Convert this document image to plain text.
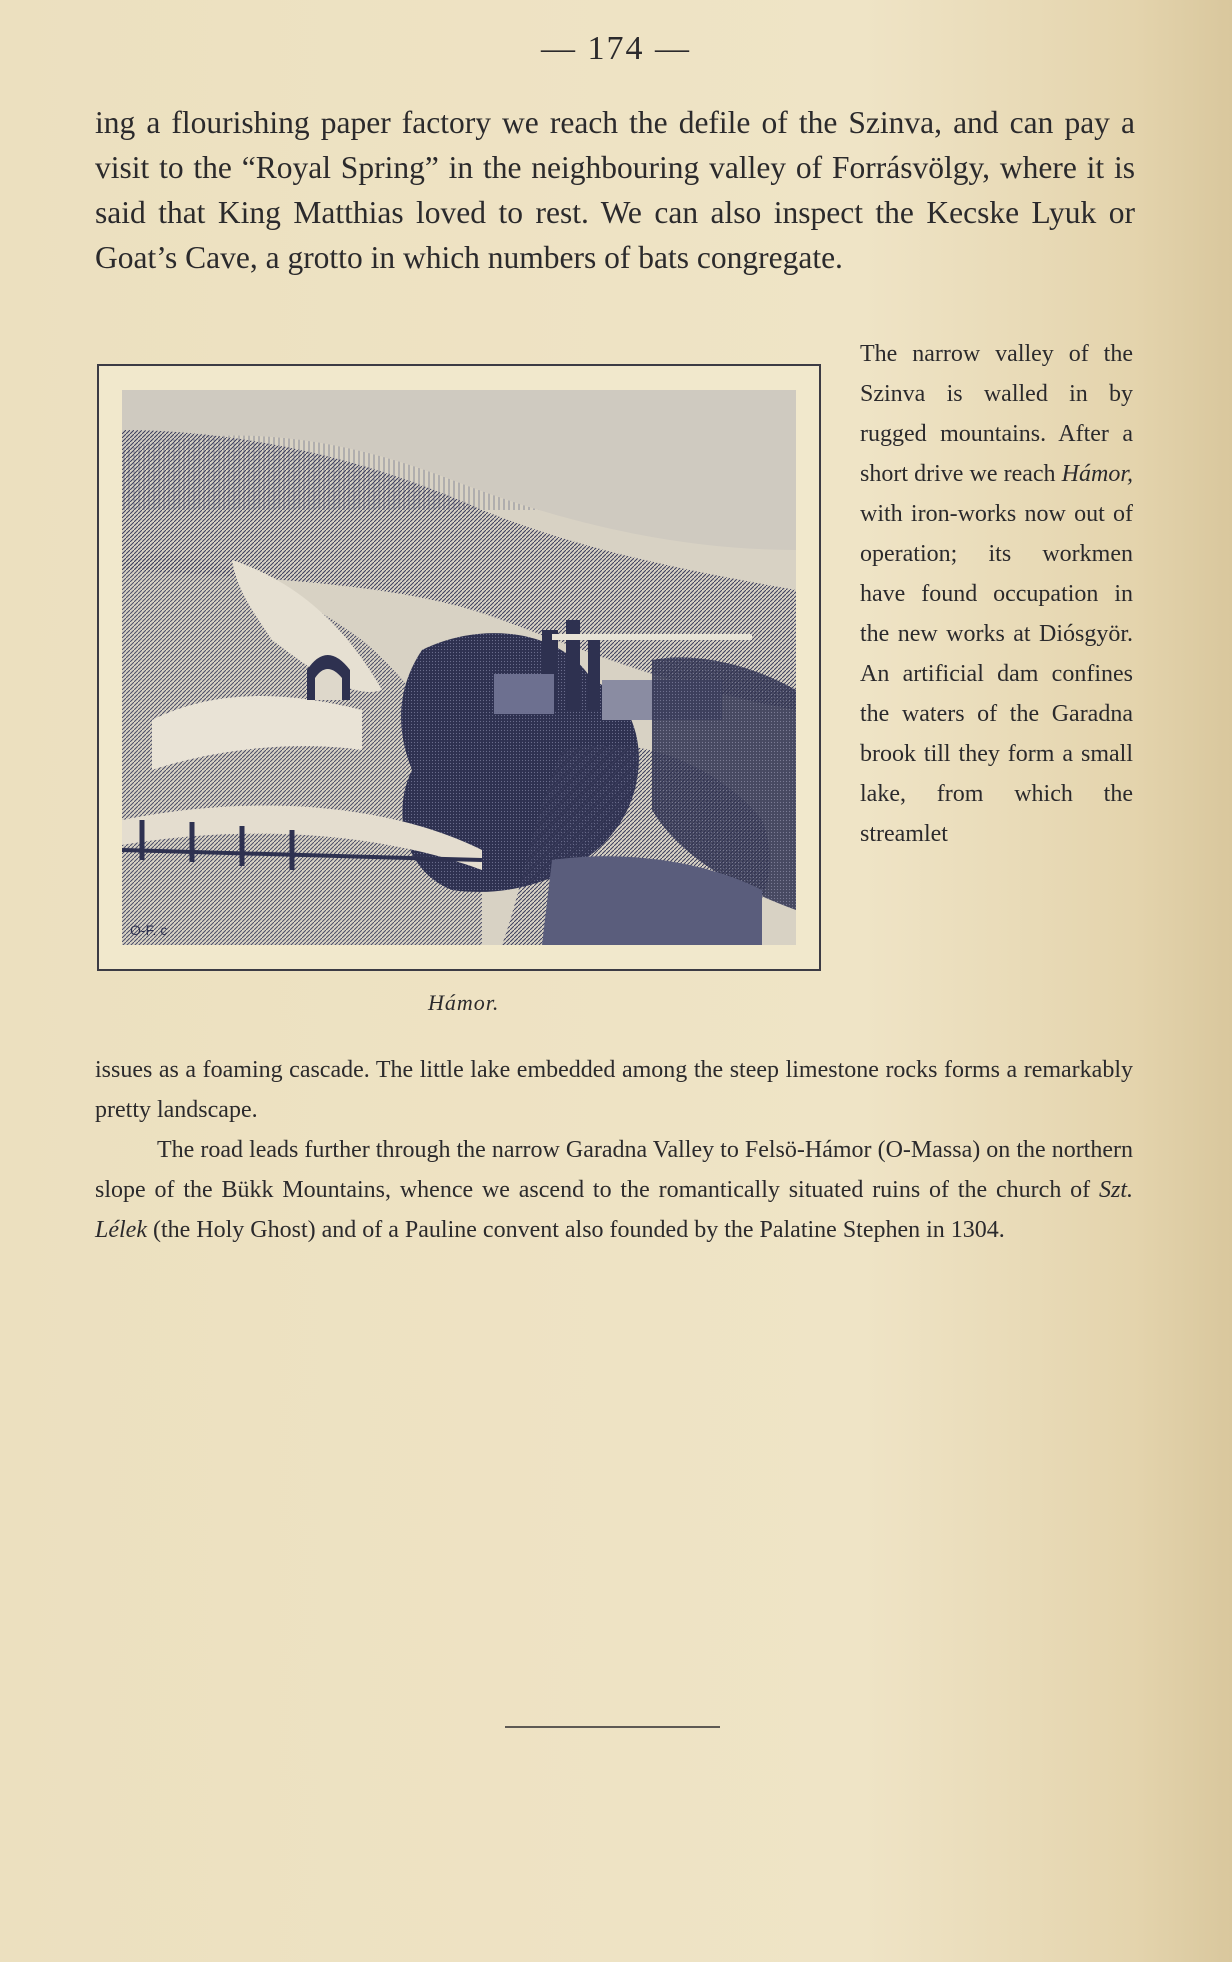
— 174 —

ing a flourishing paper factory we reach the defile of the Szinva, and can pay a visit to the “Royal Spring” in the neighbouring valley of Forrásvölgy, where it is said that King Matthias loved to rest. We can also inspect the Kecske Lyuk or Goat’s Cave, a grotto in which numbers of bats congregate.

O-F. c
Hámor.

The narrow valley of the Szinva is walled in by rugged mountains. After a short drive we reach Hámor, with iron-works now out of operation; its workmen have found occupation in the new works at Diósgyör. An artificial dam confines the waters of the Garadna brook till they form a small lake, from which the streamlet

issues as a foaming cascade. The little lake embedded among the steep limestone rocks forms a remarkably pretty landscape.
The road leads further through the narrow Garadna Valley to Felsö-Hámor (O-Massa) on the northern slope of the Bükk Mountains, whence we ascend to the romantically situated ruins of the church of Szt. Lélek (the Holy Ghost) and of a Pauline convent also founded by the Palatine Stephen in 1304.
